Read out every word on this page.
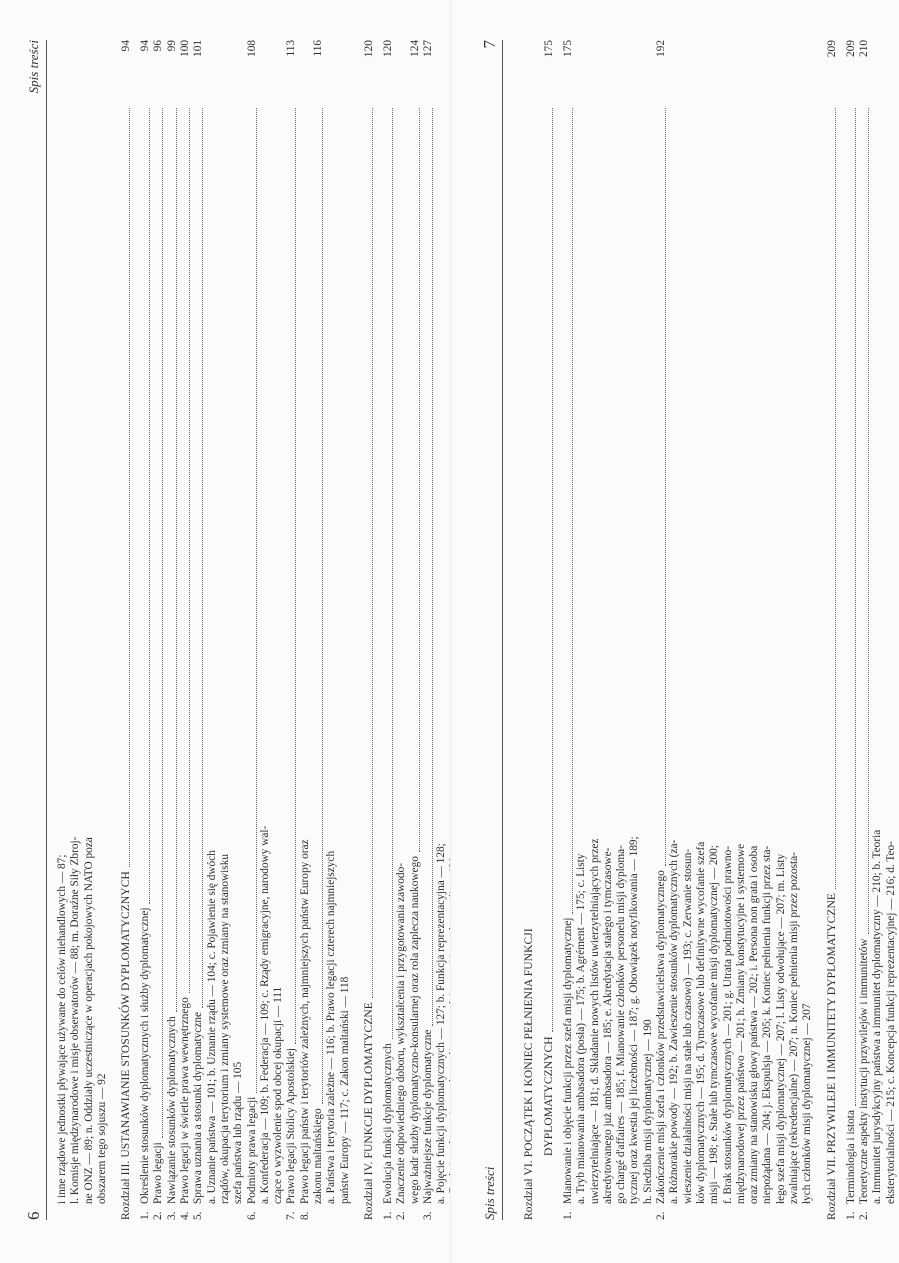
6
Spis treści
i inne rządowe jednostki pływające używane do celów niehandlowych — 87; l. Komisje międzynarodowe i misje obserwatorów — 88; m. Doraźne Siły Zbroj- ne ONZ — 89; n. Oddziały uczestniczące w operacjach pokojowych NATO poza obszarem tego sojuszu — 92 Rozdział III. USTANAWIANIE STOSUNKÓW DYPLOMATYCZNYCH
94
1.
Określenie stosunków dyplomatycznych i służby dyplomatycznej
94
2.
Prawo legacji
96
3.
Nawiązanie stosunków dyplomatycznych
99
4.
Prawo legacji w świetle prawa wewnętrznego
100
5.
Sprawa uznania a stosunki dyplomatyczne
101
a. Uznanie państwa — 101; b. Uznanie rządu — 104; c. Pojawienie się dwóch rządów, okupacja terytorium i zmiany systemowe oraz zmiany na stanowisku szefa państwa lub rządu — 105
6.
Podmioty prawa legacji
108
a. Konfederacja — 109; b. Federacja — 109; c. Rządy emigracyjne, narodowy wal- czące o wyzwolenie spod obcej okupacji — 111
7.
Prawo legacji Stolicy Apostolskiej
113
8.
Prawo legacji państw i terytoriów zależnych, najmniejszych państw Europy oraz zakonu maltańskiego
116
a. Państwa i terytoria zależne — 116; b. Prawo legacji czterech najmniejszych państw Europy — 117; c. Zakon maltański — 118 Rozdział IV. FUNKCJE DYPLOMATYCZNE
120
1.
Ewolucja funkcji dyplomatycznych
120
2.
Znaczenie odpowiedniego doboru, wykształcenia i przygotowania zawodo- wego kadr służby dyplomatyczno-konsularnej oraz rola zaplecza naukowego
124
3.
Najważniejsze funkcje dyplomatyczne
127
a. Pojęcie funkcji dyplomatycznych — 127; b. Funkcja reprezentacyjna — 128; c. Funkcja ochrony interesów państwa wysyłającego jego obywateli 130;
Spis treści
7
Rozdział VI. POCZĄTEK I KONIEC PEŁNIENIA FUNKCJI DYPLOMATYCZNYCH
175
1.
Mianowanie i objęcie funkcji przez szefa misji dyplomatycznej
175
a. Tryb mianowania ambasadora (posła) — 175; b. Agrément — 175; c. Listy uwierzytelniające — 181; d. Składanie nowych listów uwierzytelniających przez akredytowanego już ambasadora — 185; e. Akredytacja stałego i tymczasowe- go chargé d'affaires — 185; f. Mianowanie członków personelu misji dyploma- tycznej oraz kwestia jej liczebności — 187; g. Obowiązek notyfikowania — 189; h. Siedziba misji dyplomatycznej — 190
2.
Zakończenie misji szefa i członków przedstawicielstwa dyplomatycznego
192
a. Różnorakie powody — 192; b. Zawieszenie stosunków dyplomatycznych (za- wieszenie działalności misji na stałe lub czasowo) — 193; c. Zerwanie stosun- ków dyplomatycznych — 195; d. Tymczasowe lub definitywne wycofanie szefa misji — 198; e. Stałe lub tymczasowe wycofanie misji dyplomatycznej — 200; f. Brak stosunków dyplomatycznych — 201; g. Utrata podmiotowości prawno- międzynarodowej przez państwo — 201; h. Zmiany konstytucyjne i systemowe oraz zmiany na stanowisku głowy państwa — 202; i. Persona non grata i osoba niepożądana — 204; j. Ekspulsja — 205; k. Koniec pełnienia funkcji przez sta- łego szefa misji dyplomatycznej — 207; l. Listy odwołujące — 207; m. Listy zwalniające (rekredencjalne) — 207; n. Koniec pełnienia misji przez pozosta- łych członków misji dyplomatycznej — 207 Rozdział VII. PRZYWILEJE I IMMUNITETY DYPLOMATYCZNE
209
1.
Terminologia i istota
209
2.
Teoretyczne aspekty instytucji przywilejów i immunitetów
210
a. Immunitet jurysdykcyjny państwa a immunitet dyplomatyczny — 210; b. Teoria eksterytorialności — 215; c. Koncepcja funkcji reprezentacyjnej — 216; d. Teo-
